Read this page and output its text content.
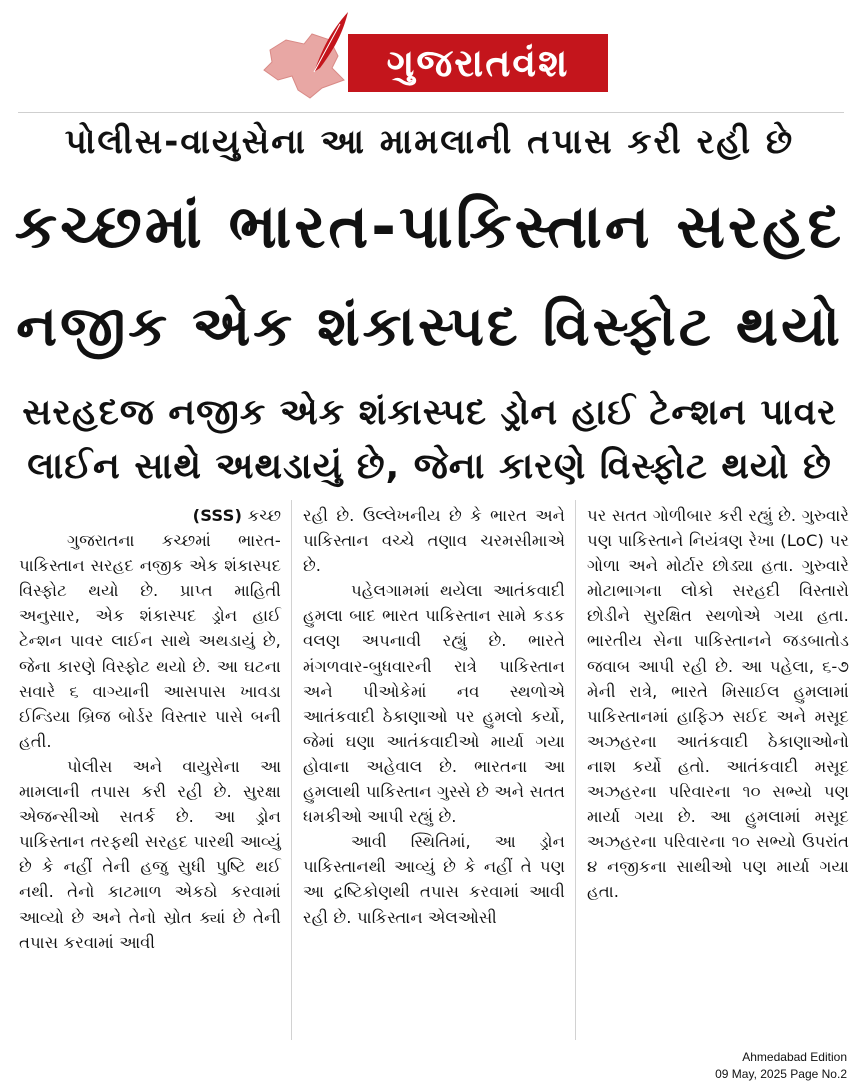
ગુજરાતવંશ
પોલીસ-વાયુસેના આ મામલાની તપાસ કરી રહી છે
કચ્છમાં ભારત-પાકિસ્તાન સરહદ
નજીક એક શંકાસ્પદ વિસ્ફોટ થયો
સરહદજ નજીક એક શંકાસ્પદ ડ્રોન હાઈ ટેન્શન પાવર
લાઈન સાથે અથડાયું છે, જેના કારણે વિસ્ફોટ થયો છે

(SSS) કચ્છ

ગુજરાતના કચ્છમાં ભારત-પાકિસ્તાન સરહદ નજીક એક શંકાસ્પદ વિસ્ફોટ થયો છે. પ્રાપ્ત માહિતી અનુસાર, એક શંકાસ્પદ ડ્રોન હાઈ ટેન્શન પાવર લાઈન સાથે અથડાયું છે, જેના કારણે વિસ્ફોટ થયો છે. આ ઘટના સવારે ૬ વાગ્યાની આસપાસ ખાવડા ઈન્ડિયા બ્રિજ બોર્ડર વિસ્તાર પાસે બની હતી.

પોલીસ અને વાયુસેના આ મામલાની તપાસ કરી રહી છે. સુરક્ષા એજન્સીઓ સતર્ક છે. આ ડ્રોન પાકિસ્તાન તરફથી સરહદ પારથી આવ્યું છે કે નહીં તેની હજુ સુધી પુષ્ટિ થઈ નથી. તેનો કાટમાળ એકઠો કરવામાં આવ્યો છે અને તેનો સ્રોત ક્યાં છે તેની તપાસ કરવામાં આવી

રહી છે. ઉલ્લેખનીય છે કે ભારત અને પાકિસ્તાન વચ્ચે તણાવ ચરમસીમાએ છે.

પહેલગામમાં થયેલા આતંકવાદી હુમલા બાદ ભારત પાકિસ્તાન સામે કડક વલણ અપનાવી રહ્યું છે. ભારતે મંગળવાર-બુધવારની રાત્રે પાકિસ્તાન અને પીઓકેમાં નવ સ્થળોએ આતંકવાદી ઠેકાણાઓ પર હુમલો કર્યો, જેમાં ઘણા આતંકવાદીઓ માર્યા ગયા હોવાના અહેવાલ છે. ભારતના આ હુમલાથી પાકિસ્તાન ગુસ્સે છે અને સતત ધમકીઓ આપી રહ્યું છે.

આવી સ્થિતિમાં, આ ડ્રોન પાકિસ્તાનથી આવ્યું છે કે નહીં તે પણ આ દ્રષ્ટિકોણથી તપાસ કરવામાં આવી રહી છે. પાકિસ્તાન એલઓસી

પર સતત ગોળીબાર કરી રહ્યું છે. ગુરુવારે પણ પાકિસ્તાને નિયંત્રણ રેખા (LoC) પર ગોળા અને મોર્ટાર છોડ્યા હતા. ગુરુવારે મોટાભાગના લોકો સરહદી વિસ્તારો છોડીને સુરક્ષિત સ્થળોએ ગયા હતા. ભારતીય સેના પાકિસ્તાનને જડબાતોડ જવાબ આપી રહી છે. આ પહેલા, ૬-૭ મેની રાત્રે, ભારતે મિસાઈલ હુમલામાં પાકિસ્તાનમાં હાફિઝ સઈદ અને મસૂદ અઝહરના આતંકવાદી ઠેકાણાઓનો નાશ કર્યો હતો. આતંકવાદી મસૂદ અઝહરના પરિવારના ૧૦ સભ્યો પણ માર્યા ગયા છે. આ હુમલામાં મસૂદ અઝહરના પરિવારના ૧૦ સભ્યો ઉપરાંત ૪ નજીકના સાથીઓ પણ માર્યા ગયા હતા.

Ahmedabad Edition
09 May, 2025 Page No.2
